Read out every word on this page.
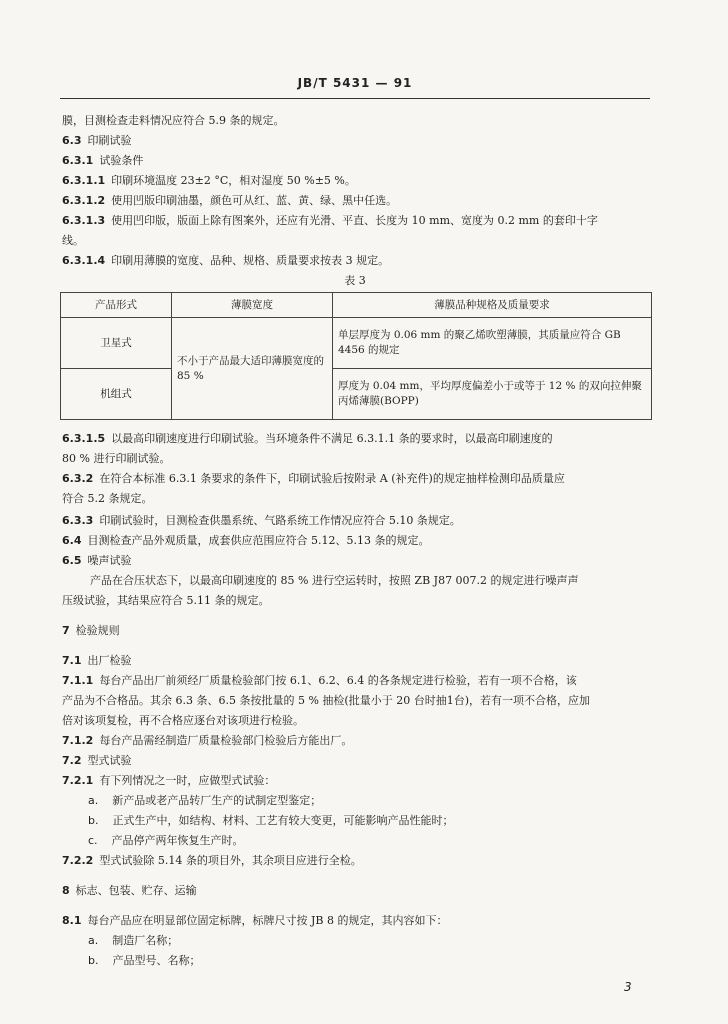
JB/T 5431 — 91
膜，目测检查走料情况应符合 5.9 条的规定。
6.3 印刷试验
6.3.1 试验条件
6.3.1.1 印刷环境温度 23±2 °C，相对湿度 50 %±5 %。
6.3.1.2 使用凹版印刷油墨，颜色可从红、蓝、黄、绿、黑中任选。
6.3.1.3 使用凹印版，版面上除有图案外，还应有光滑、平直、长度为 10 mm、宽度为 0.2 mm 的套印十字
线。
6.3.1.4 印刷用薄膜的宽度、品种、规格、质量要求按表 3 规定。
表 3
产品形式	薄膜宽度	薄膜品种规格及质量要求
卫星式	不小于产品最大适印薄膜宽度的 85 %	单层厚度为 0.06 mm 的聚乙烯吹塑薄膜，其质量应符合 GB 4456 的规定
机组式		厚度为 0.04 mm，平均厚度偏差小于或等于 12 % 的双向拉伸聚丙烯薄膜(BOPP)
6.3.1.5 以最高印刷速度进行印刷试验。当环境条件不满足 6.3.1.1 条的要求时，以最高印刷速度的
80 % 进行印刷试验。
6.3.2 在符合本标准 6.3.1 条要求的条件下，印刷试验后按附录 A (补充件)的规定抽样检测印品质量应
符合 5.2 条规定。
6.3.3 印刷试验时，目测检查供墨系统、气路系统工作情况应符合 5.10 条规定。
6.4 目测检查产品外观质量，成套供应范围应符合 5.12、5.13 条的规定。
6.5 噪声试验
产品在合压状态下，以最高印刷速度的 85 % 进行空运转时，按照 ZB J87 007.2 的规定进行噪声声
压级试验，其结果应符合 5.11 条的规定。
7 检验规则
7.1 出厂检验
7.1.1 每台产品出厂前须经厂质量检验部门按 6.1、6.2、6.4 的各条规定进行检验，若有一项不合格，该
产品为不合格品。其余 6.3 条、6.5 条按批量的 5 % 抽检(批量小于 20 台时抽1台)，若有一项不合格，应加
倍对该项复检，再不合格应逐台对该项进行检验。
7.1.2 每台产品需经制造厂质量检验部门检验后方能出厂。
7.2 型式试验
7.2.1 有下列情况之一时，应做型式试验：
a. 新产品或老产品转厂生产的试制定型鉴定；
b. 正式生产中，如结构、材料、工艺有较大变更，可能影响产品性能时；
c. 产品停产两年恢复生产时。
7.2.2 型式试验除 5.14 条的项目外，其余项目应进行全检。
8 标志、包装、贮存、运输
8.1 每台产品应在明显部位固定标牌，标牌尺寸按 JB 8 的规定，其内容如下：
a. 制造厂名称；
b. 产品型号、名称；
3
